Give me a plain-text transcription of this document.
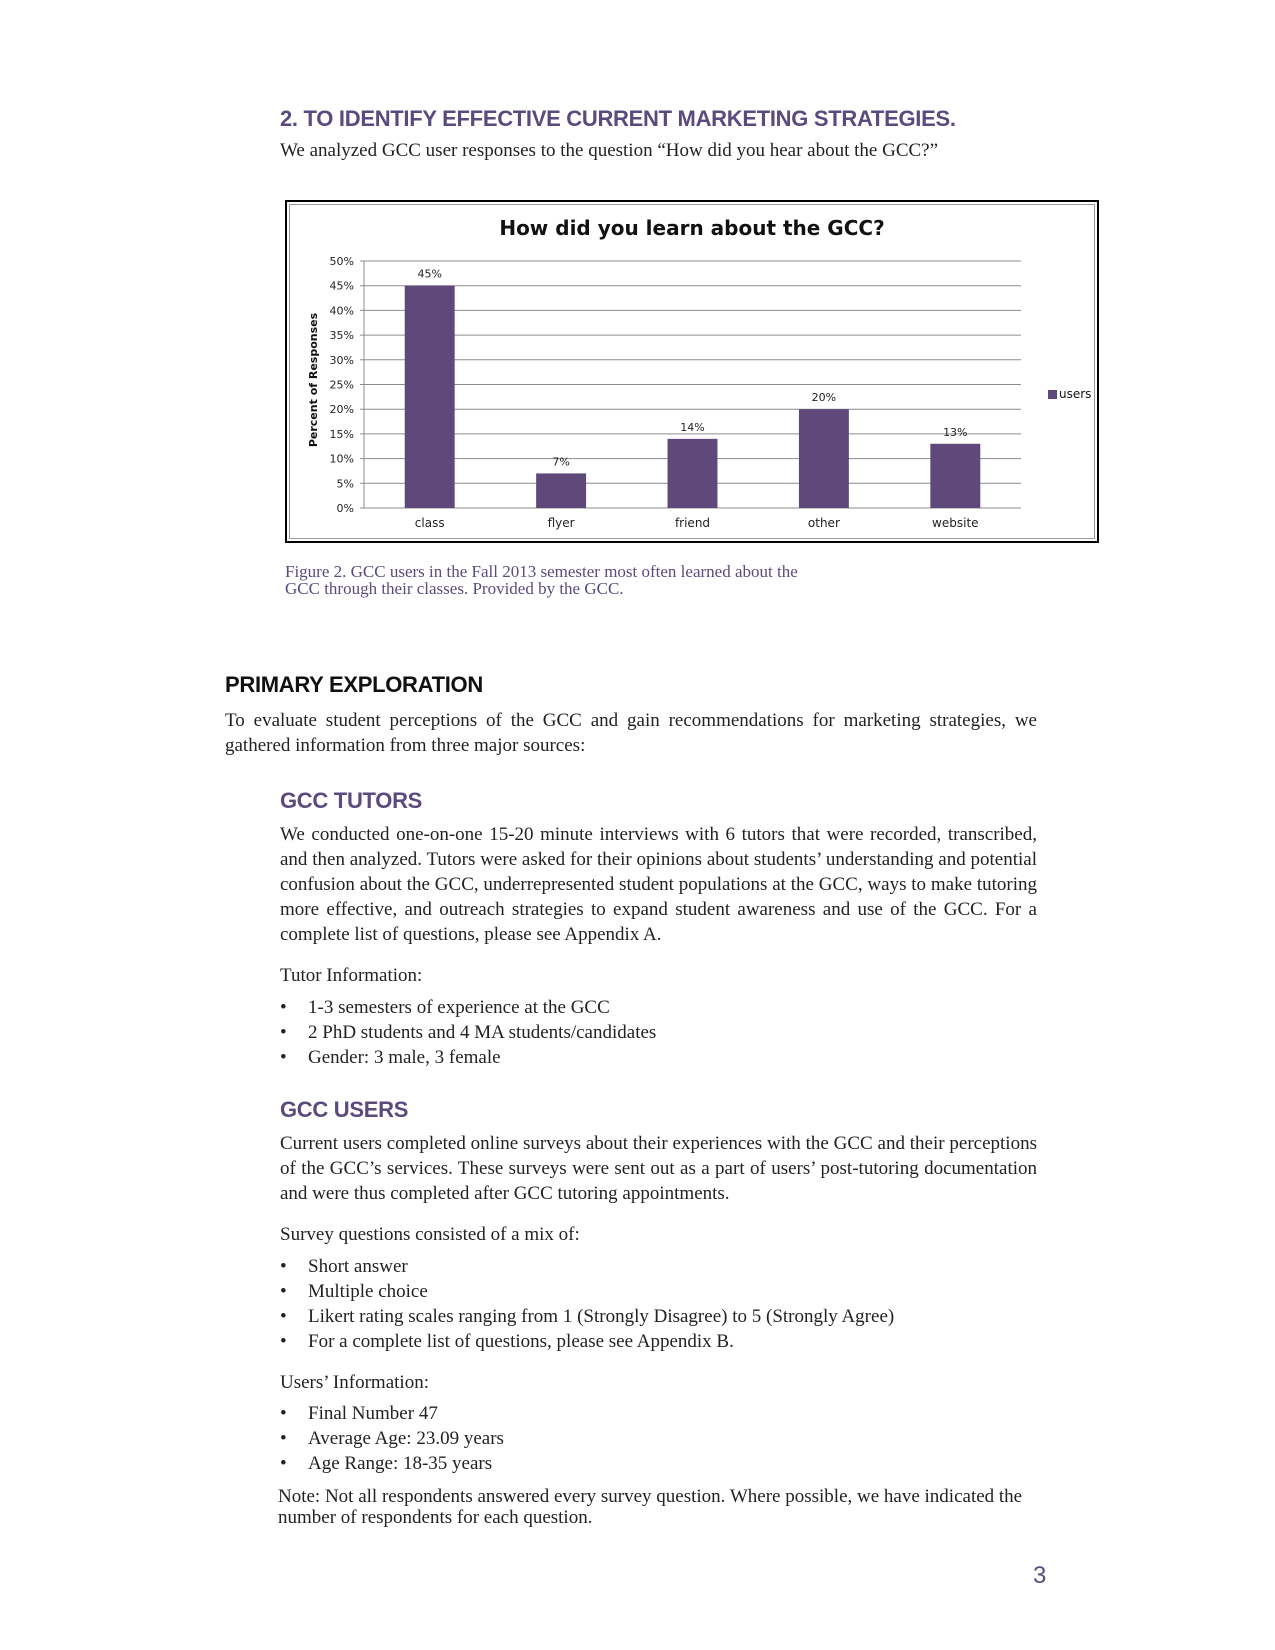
2. TO IDENTIFY EFFECTIVE CURRENT MARKETING STRATEGIES.
We analyzed GCC user responses to the question “How did you hear about the GCC?”
0%
5%
10%
15%
20%
25%
30%
35%
40%
45%
50%
45%
class
7%
flyer
14%
friend
20%
other
13%
website
How did you learn about the GCC?
Percent of Responses	users
Figure 2. GCC users in the Fall 2013 semester most often learned about the
GCC through their classes. Provided by the GCC.
PRIMARY EXPLORATION

To evaluate student perceptions of the GCC and gain recommendations for marketing strategies, we gathered information from three major sources:

GCC TUTORS

We conducted one-on-one 15-20 minute interviews with 6 tutors that were recorded, transcribed, and then analyzed. Tutors were asked for their opinions about students’ understanding and potential confusion about the GCC, underrepresented student populations at the GCC, ways to make tutoring more effective, and outreach strategies to expand student awareness and use of the GCC. For a complete list of questions, please see Appendix A.

Tutor Information:
• 1-3 semesters of experience at the GCC
• 2 PhD students and 4 MA students/candidates
• Gender: 3 male, 3 female
GCC USERS

Current users completed online surveys about their experiences with the GCC and their perceptions of the GCC’s services. These surveys were sent out as a part of users’ post-tutoring documentation and were thus completed after GCC tutoring appointments.

Survey questions consisted of a mix of:
• Short answer
• Multiple choice
• Likert rating scales ranging from 1 (Strongly Disagree) to 5 (Strongly Agree)
• For a complete list of questions, please see Appendix B.
Users’ Information:
• Final Number 47
• Average Age: 23.09 years
• Age Range: 18-35 years

Note: Not all respondents answered every survey question. Where possible, we have indicated the number of respondents for each question.

3
